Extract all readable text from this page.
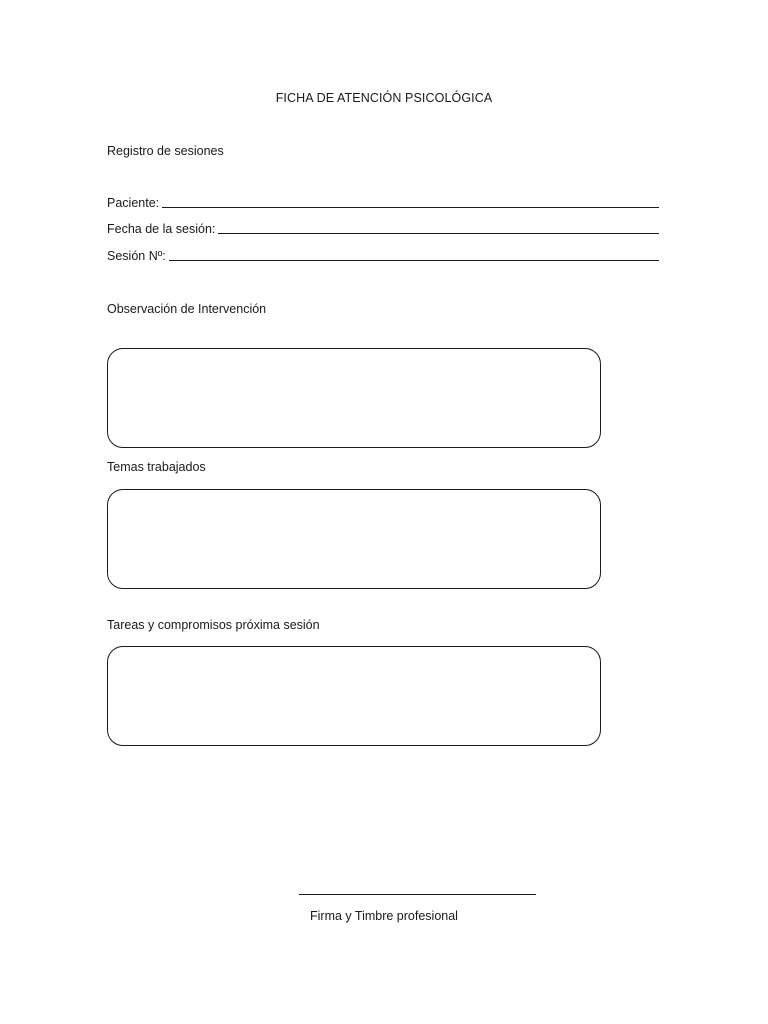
FICHA DE ATENCIÓN PSICOLÓGICA
Registro de sesiones
Paciente:
Fecha de la sesión:
Sesión Nº:
Observación de Intervención
Temas trabajados
Tareas y compromisos próxima sesión
Firma y Timbre profesional
